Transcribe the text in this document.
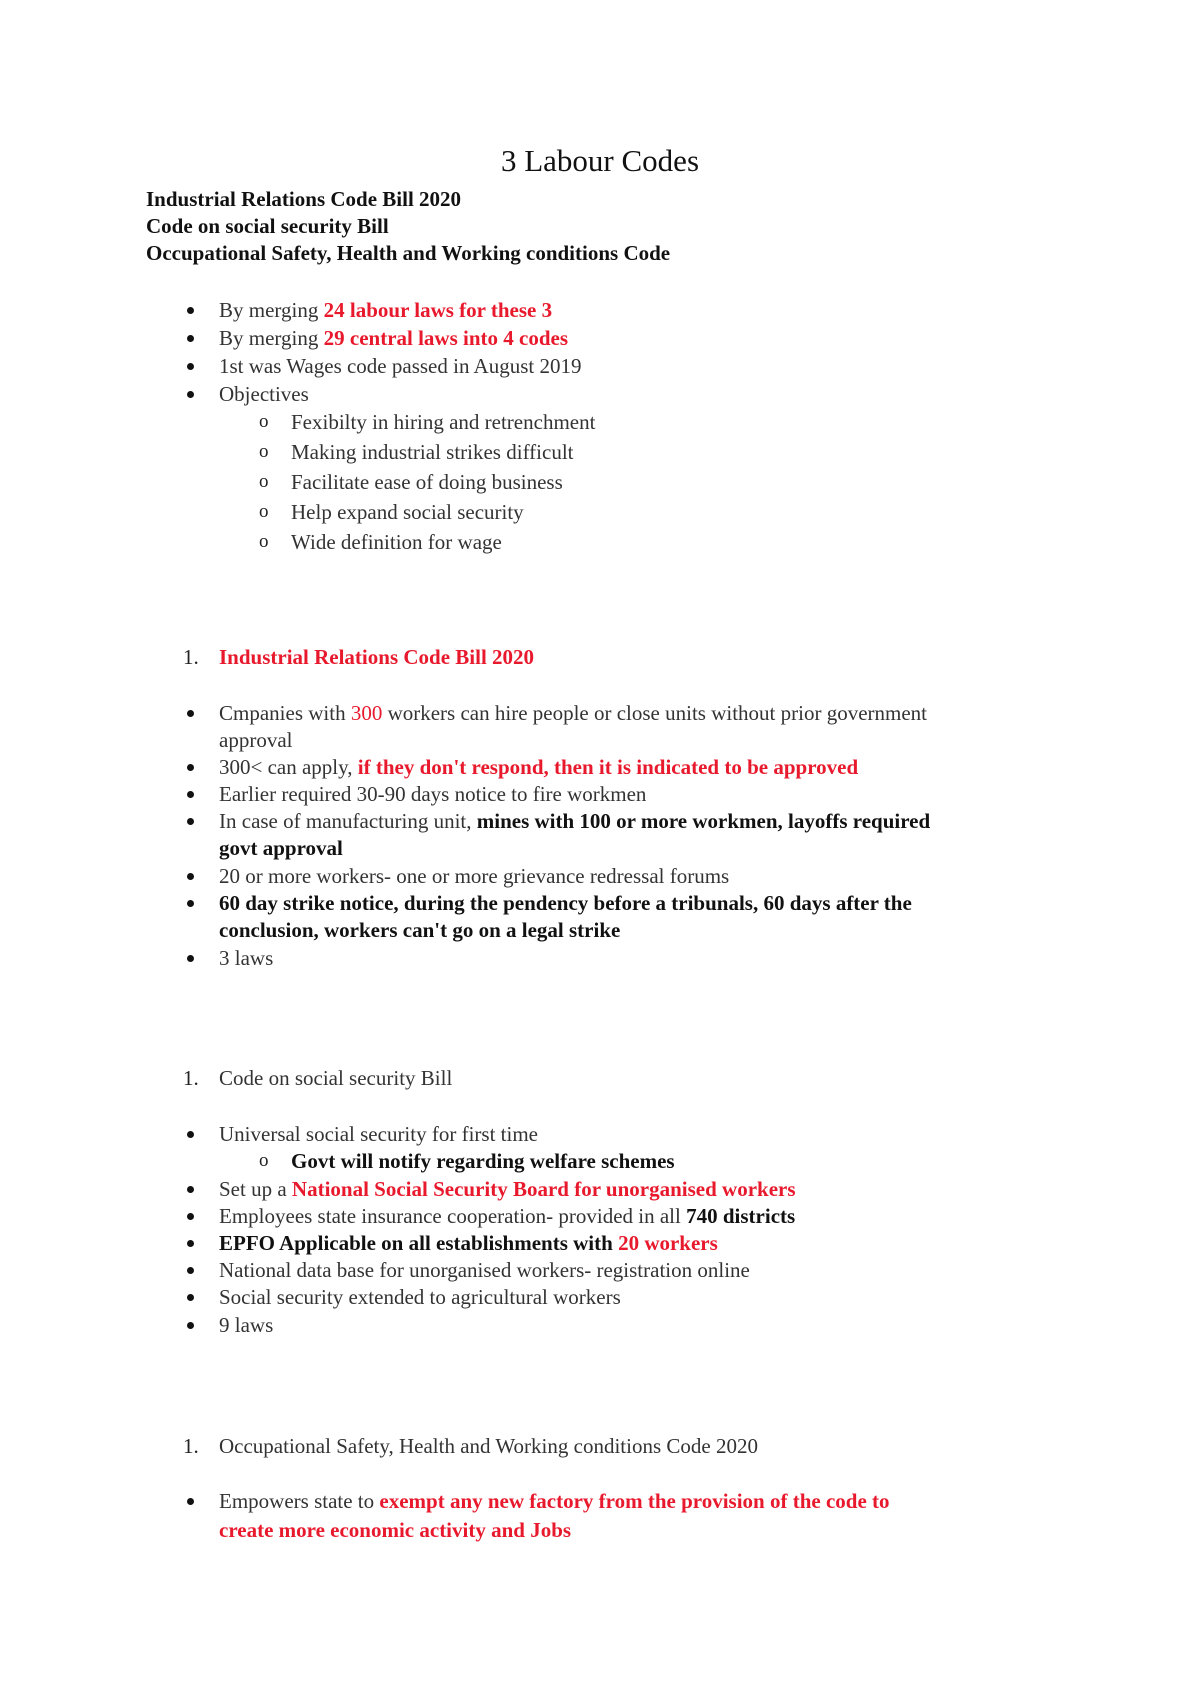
3 Labour Codes
Industrial Relations Code Bill 2020
Code on social security Bill
Occupational Safety, Health and Working conditions Code
By merging 24 labour laws for these 3
By merging 29 central laws into 4 codes
1st was Wages code passed in August 2019
Objectives
o Fexibilty in hiring and retrenchment
o Making industrial strikes difficult
o Facilitate ease of doing business
o Help expand social security
o Wide definition for wage
1. Industrial Relations Code Bill 2020
Cmpanies with 300 workers can hire people or close units without prior government
approval
300< can apply, if they don't respond, then it is indicated to be approved
Earlier required 30-90 days notice to fire workmen
In case of manufacturing unit, mines with 100 or more workmen, layoffs required
govt approval
20 or more workers- one or more grievance redressal forums
60 day strike notice, during the pendency before a tribunals, 60 days after the
conclusion, workers can't go on a legal strike
3 laws
1. Code on social security Bill
Universal social security for first time
o Govt will notify regarding welfare schemes
Set up a National Social Security Board for unorganised workers
Employees state insurance cooperation- provided in all 740 districts
EPFO Applicable on all establishments with 20 workers
National data base for unorganised workers- registration online
Social security extended to agricultural workers
9 laws
1. Occupational Safety, Health and Working conditions Code 2020
Empowers state to exempt any new factory from the provision of the code to
create more economic activity and Jobs
